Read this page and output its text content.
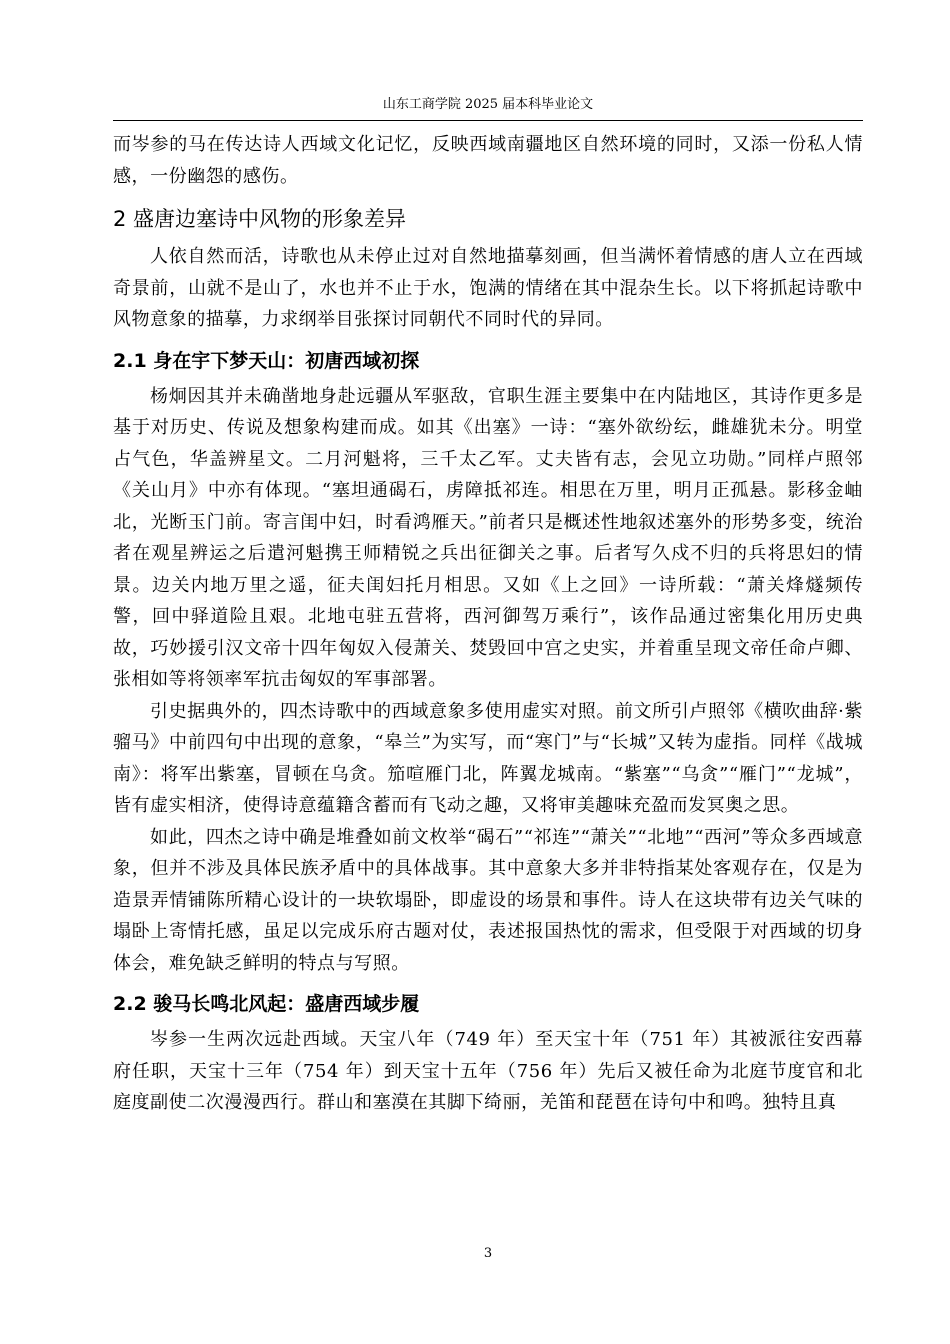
山东工商学院 2025 届本科毕业论文

而岑参的马在传达诗人西域文化记忆，反映西域南疆地区自然环境的同时，又添一份私人情感，一份幽怨的感伤。

2 盛唐边塞诗中风物的形象差异

人依自然而活，诗歌也从未停止过对自然地描摹刻画，但当满怀着情感的唐人立在西域奇景前，山就不是山了，水也并不止于水，饱满的情绪在其中混杂生长。以下将抓起诗歌中风物意象的描摹，力求纲举目张探讨同朝代不同时代的异同。

2.1 身在宇下梦天山：初唐西域初探

杨炯因其并未确凿地身赴远疆从军驱敌，官职生涯主要集中在内陆地区，其诗作更多是基于对历史、传说及想象构建而成。如其《出塞》一诗：“塞外欲纷纭，雌雄犹未分。明堂占气色，华盖辨星文。二月河魁将，三千太乙军。丈夫皆有志，会见立功勋。”同样卢照邻《关山月》中亦有体现。“塞坦通碣石，虏障抵祁连。相思在万里，明月正孤悬。影移金岫北，光断玉门前。寄言闺中妇，时看鸿雁天。”前者只是概述性地叙述塞外的形势多变，统治者在观星辨运之后遣河魁携王师精锐之兵出征御关之事。后者写久戍不归的兵将思妇的情景。边关内地万里之遥，征夫闺妇托月相思。又如《上之回》一诗所载：“萧关烽燧频传警，回中驿道险且艰。北地屯驻五营将，西河御驾万乘行”，该作品通过密集化用历史典故，巧妙援引汉文帝十四年匈奴入侵萧关、焚毁回中宫之史实，并着重呈现文帝任命卢卿、张相如等将领率军抗击匈奴的军事部署。

引史据典外的，四杰诗歌中的西域意象多使用虚实对照。前文所引卢照邻《横吹曲辞·紫骝马》中前四句中出现的意象，“皋兰”为实写，而“寒门”与“长城”又转为虚指。同样《战城南》：将军出紫塞，冒顿在乌贪。笳喧雁门北，阵翼龙城南。“紫塞”“乌贪”“雁门”“龙城”，皆有虚实相济，使得诗意蕴籍含蓄而有飞动之趣，又将审美趣味充盈而发冥奥之思。

如此，四杰之诗中确是堆叠如前文枚举“碣石”“祁连”“萧关”“北地”“西河”等众多西域意象，但并不涉及具体民族矛盾中的具体战事。其中意象大多并非特指某处客观存在，仅是为造景弄情铺陈所精心设计的一块软塌卧，即虚设的场景和事件。诗人在这块带有边关气味的塌卧上寄情托感，虽足以完成乐府古题对仗，表述报国热忱的需求，但受限于对西域的切身体会，难免缺乏鲜明的特点与写照。

2.2 骏马长鸣北风起：盛唐西域步履

岑参一生两次远赴西域。天宝八年（749 年）至天宝十年（751 年）其被派往安西幕府任职，天宝十三年（754 年）到天宝十五年（756 年）先后又被任命为北庭节度官和北庭度副使二次漫漫西行。群山和塞漠在其脚下绮丽，羌笛和琵琶在诗句中和鸣。独特且真

3
